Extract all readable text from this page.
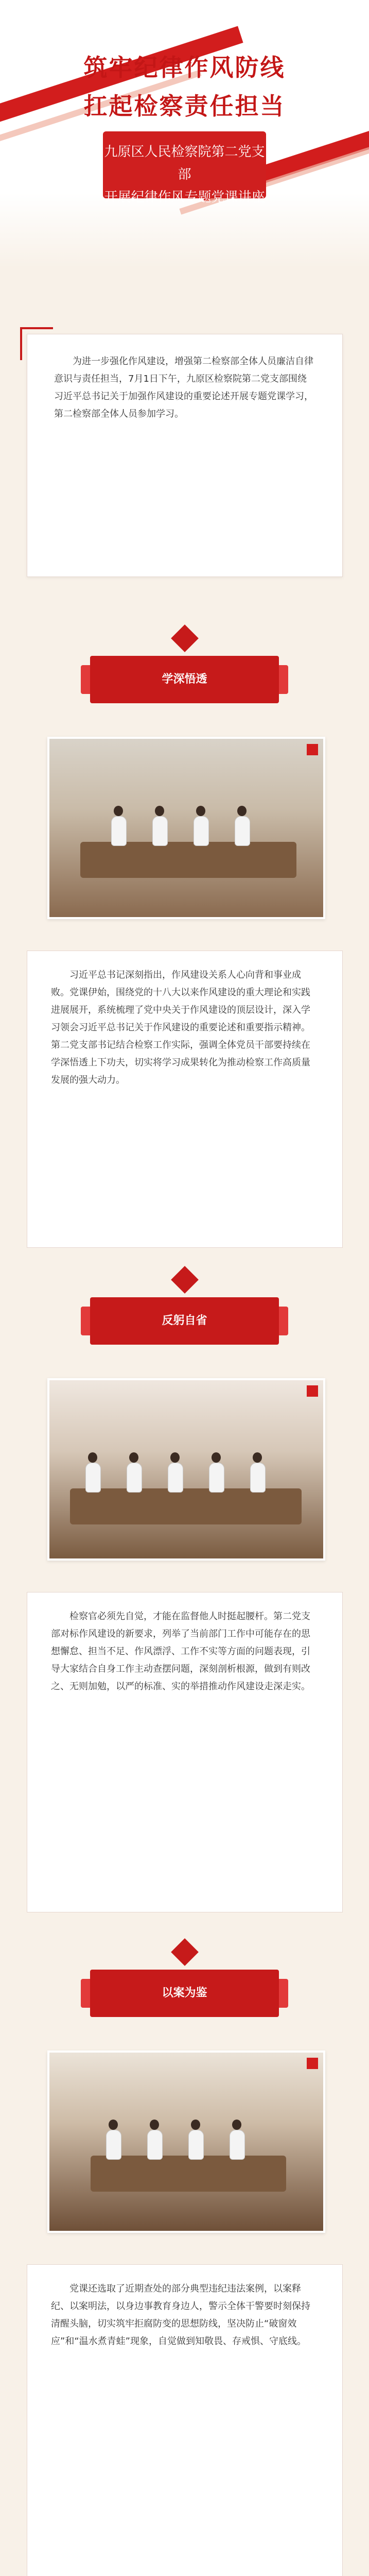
筑牢纪律作风防线
扛起检察责任担当
九原区人民检察院第二党支部
开展纪律作风专题党课讲座
为进一步强化作风建设，增强第二检察部全体人员廉洁自律意识与责任担当，7月1日下午，九原区检察院第二党支部围绕习近平总书记关于加强作风建设的重要论述开展专题党课学习，第二检察部全体人员参加学习。
学深悟透
习近平总书记深刻指出，作风建设关系人心向背和事业成败。党课伊始，围绕党的十八大以来作风建设的重大理论和实践进展展开，系统梳理了党中央关于作风建设的顶层设计，深入学习领会习近平总书记关于作风建设的重要论述和重要指示精神。第二党支部书记结合检察工作实际，强调全体党员干部要持续在学深悟透上下功夫，切实将学习成果转化为推动检察工作高质量发展的强大动力。
反躬自省
检察官必须先自觉，才能在监督他人时挺起腰杆。第二党支部对标作风建设的新要求，列举了当前部门工作中可能存在的思想懈怠、担当不足、作风漂浮、工作不实等方面的问题表现，引导大家结合自身工作主动查摆问题，深刻剖析根源，做到有则改之、无则加勉，以严的标准、实的举措推动作风建设走深走实。
以案为鉴
党课还选取了近期查处的部分典型违纪违法案例，以案释纪、以案明法，以身边事教育身边人，警示全体干警要时刻保持清醒头脑，切实筑牢拒腐防变的思想防线，坚决防止“破窗效应”和“温水煮青蛙”现象，自觉做到知敬畏、存戒惧、守底线。
